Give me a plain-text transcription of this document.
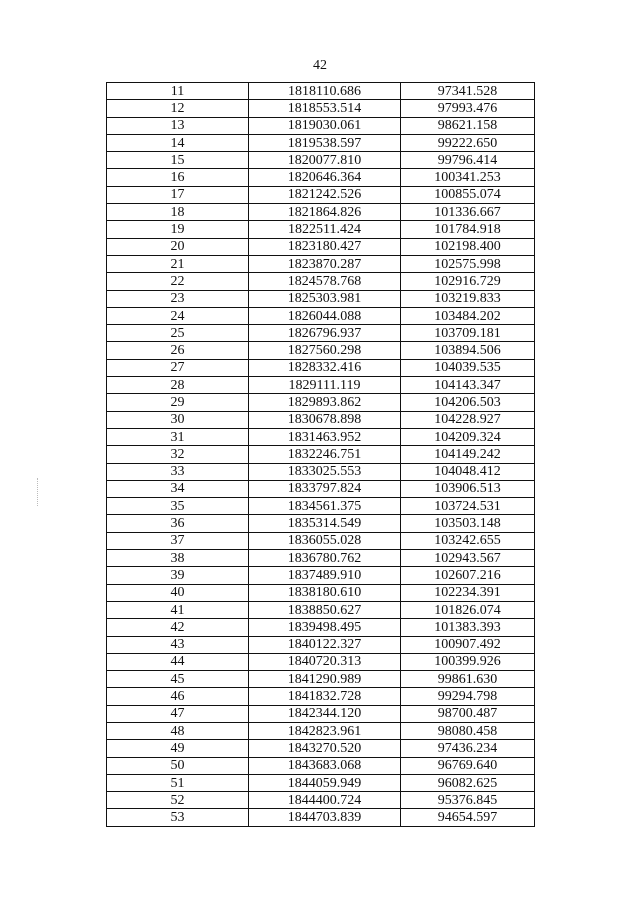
42
11	1818110.686	97341.528
12	1818553.514	97993.476
13	1819030.061	98621.158
14	1819538.597	99222.650
15	1820077.810	99796.414
16	1820646.364	100341.253
17	1821242.526	100855.074
18	1821864.826	101336.667
19	1822511.424	101784.918
20	1823180.427	102198.400
21	1823870.287	102575.998
22	1824578.768	102916.729
23	1825303.981	103219.833
24	1826044.088	103484.202
25	1826796.937	103709.181
26	1827560.298	103894.506
27	1828332.416	104039.535
28	1829111.119	104143.347
29	1829893.862	104206.503
30	1830678.898	104228.927
31	1831463.952	104209.324
32	1832246.751	104149.242
33	1833025.553	104048.412
34	1833797.824	103906.513
35	1834561.375	103724.531
36	1835314.549	103503.148
37	1836055.028	103242.655
38	1836780.762	102943.567
39	1837489.910	102607.216
40	1838180.610	102234.391
41	1838850.627	101826.074
42	1839498.495	101383.393
43	1840122.327	100907.492
44	1840720.313	100399.926
45	1841290.989	99861.630
46	1841832.728	99294.798
47	1842344.120	98700.487
48	1842823.961	98080.458
49	1843270.520	97436.234
50	1843683.068	96769.640
51	1844059.949	96082.625
52	1844400.724	95376.845
53	1844703.839	94654.597
